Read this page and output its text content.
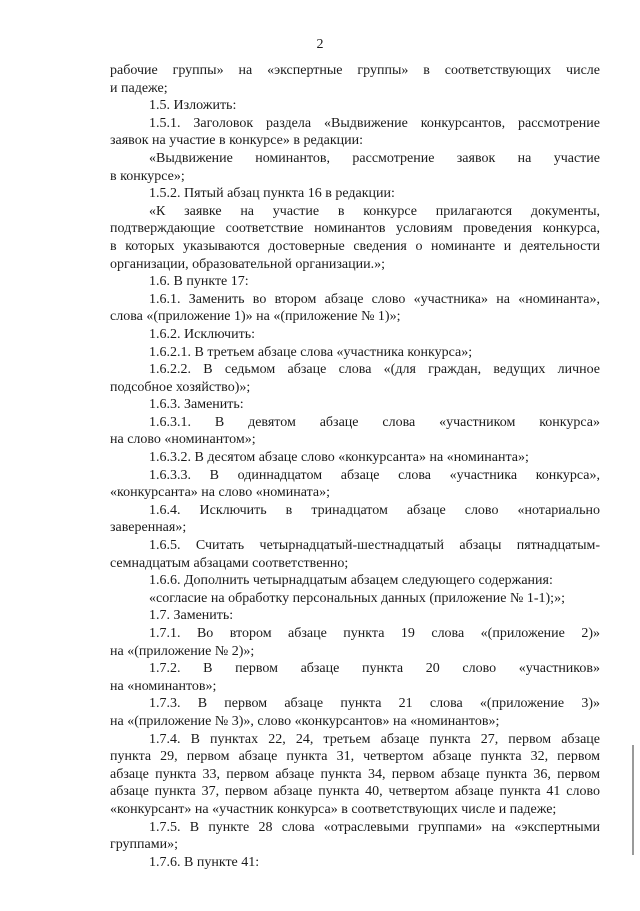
2

рабочие группы» на «экспертные группы» в соответствующих числе

и падеже;

1.5. Изложить:

1.5.1. Заголовок раздела «Выдвижение конкурсантов, рассмотрение

заявок на участие в конкурсе» в редакции:

«Выдвижение номинантов, рассмотрение заявок на участие

в конкурсе»;

1.5.2. Пятый абзац пункта 16 в редакции:

«К заявке на участие в конкурсе прилагаются документы,

подтверждающие соответствие номинантов условиям проведения конкурса,

в которых указываются достоверные сведения о номинанте и деятельности

организации, образовательной организации.»;

1.6. В пункте 17:

1.6.1. Заменить во втором абзаце слово «участника» на «номинанта»,

слова «(приложение 1)» на «(приложение № 1)»;

1.6.2. Исключить:

1.6.2.1. В третьем абзаце слова «участника конкурса»;

1.6.2.2. В седьмом абзаце слова «(для граждан, ведущих личное

подсобное хозяйство)»;

1.6.3. Заменить:

1.6.3.1. В девятом абзаце слова «участником конкурса»

на слово «номинантом»;

1.6.3.2. В десятом абзаце слово «конкурсанта» на «номинанта»;

1.6.3.3. В одиннадцатом абзаце слова «участника конкурса»,

«конкурсанта» на слово «номината»;

1.6.4. Исключить в тринадцатом абзаце слово «нотариально

заверенная»;

1.6.5. Считать четырнадцатый-шестнадцатый абзацы пятнадцатым-

семнадцатым абзацами соответственно;

1.6.6. Дополнить четырнадцатым абзацем следующего содержания:

«согласие на обработку персональных данных (приложение № 1-1);»;

1.7. Заменить:

1.7.1. Во втором абзаце пункта 19 слова «(приложение 2)»

на «(приложение № 2)»;

1.7.2. В первом абзаце пункта 20 слово «участников»

на «номинантов»;

1.7.3. В первом абзаце пункта 21 слова «(приложение 3)»

на «(приложение № 3)», слово «конкурсантов» на «номинантов»;

1.7.4. В пунктах 22, 24, третьем абзаце пункта 27, первом абзаце

пункта 29, первом абзаце пункта 31, четвертом абзаце пункта 32, первом

абзаце пункта 33, первом абзаце пункта 34, первом абзаце пункта 36, первом

абзаце пункта 37, первом абзаце пункта 40, четвертом абзаце пункта 41 слово

«конкурсант» на «участник конкурса» в соответствующих числе и падеже;

1.7.5. В пункте 28 слова «отраслевыми группами» на «экспертными

группами»;

1.7.6. В пункте 41:
